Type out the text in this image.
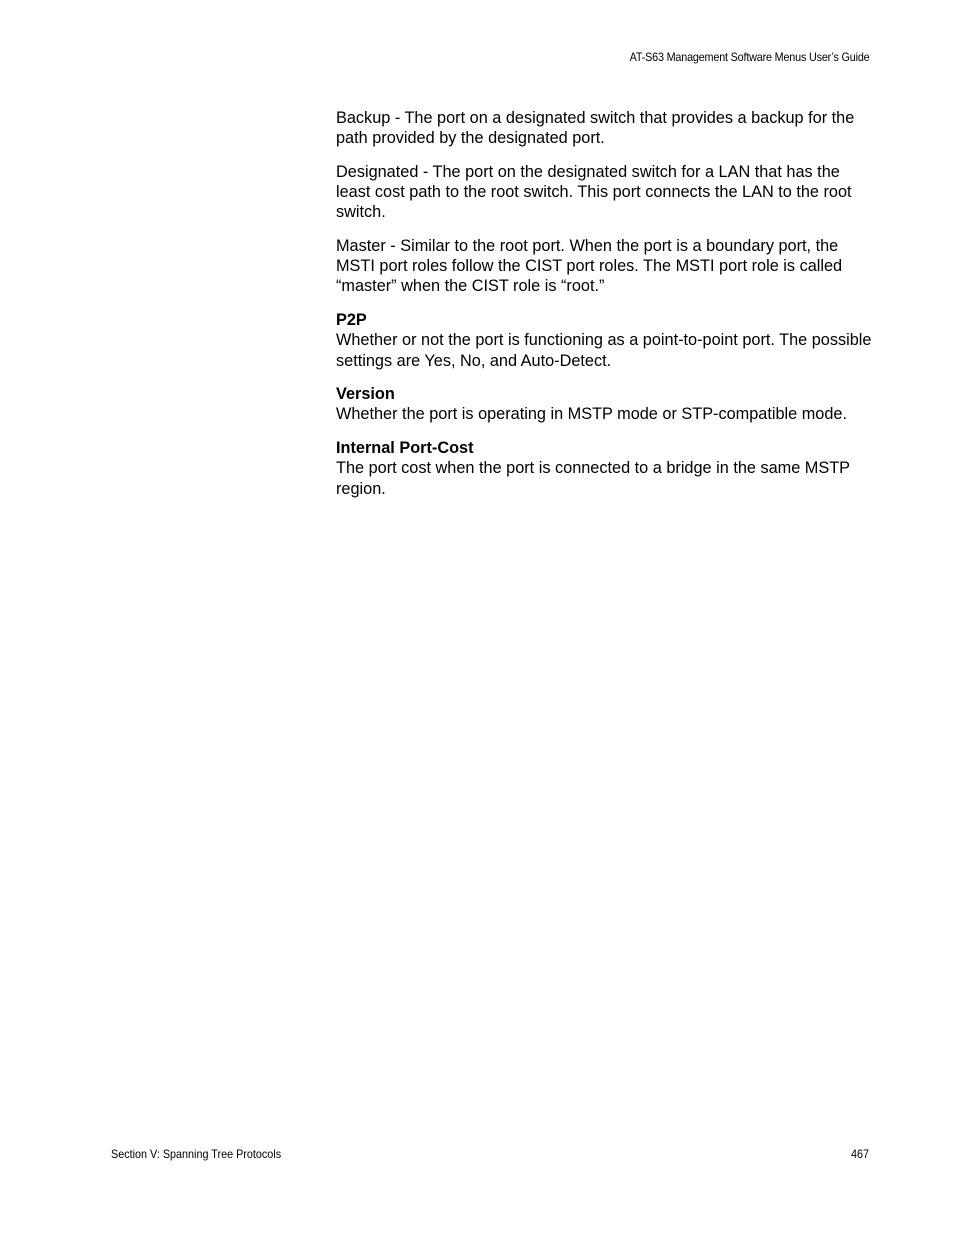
AT-S63 Management Software Menus User’s Guide

Backup - The port on a designated switch that provides a backup for the path provided by the designated port.

Designated - The port on the designated switch for a LAN that has the least cost path to the root switch. This port connects the LAN to the root switch.

Master - Similar to the root port. When the port is a boundary port, the MSTI port roles follow the CIST port roles. The MSTI port role is called “master” when the CIST role is “root.”

P2P

Whether or not the port is functioning as a point-to-point port. The possible settings are Yes, No, and Auto-Detect.

Version

Whether the port is operating in MSTP mode or STP-compatible mode.

Internal Port-Cost

The port cost when the port is connected to a bridge in the same MSTP region.

Section V: Spanning Tree Protocols	467
